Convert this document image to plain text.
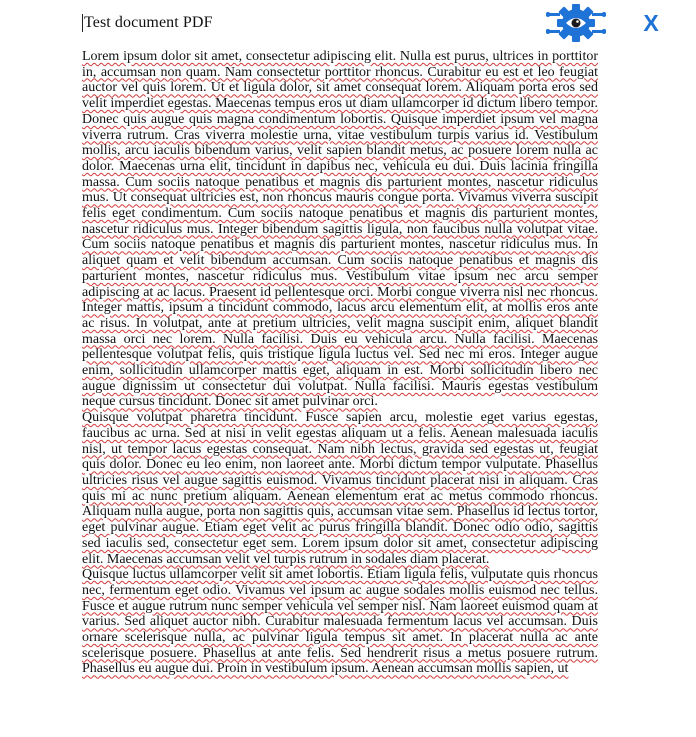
Test document PDF	X

Lorem ipsum dolor sit amet, consectetur adipiscing elit. Nulla est purus, ultrices in porttitor in, accumsan non quam. Nam consectetur porttitor rhoncus. Curabitur eu est et leo feugiat auctor vel quis lorem. Ut et ligula dolor, sit amet consequat lorem. Aliquam porta eros sed velit imperdiet egestas. Maecenas tempus eros ut diam ullamcorper id dictum libero tempor. Donec quis augue quis magna condimentum lobortis. Quisque imperdiet ipsum vel magna viverra rutrum. Cras viverra molestie urna, vitae vestibulum turpis varius id. Vestibulum mollis, arcu iaculis bibendum varius, velit sapien blandit metus, ac posuere lorem nulla ac dolor. Maecenas urna elit, tincidunt in dapibus nec, vehicula eu dui. Duis lacinia fringilla massa. Cum sociis natoque penatibus et magnis dis parturient montes, nascetur ridiculus mus. Ut consequat ultricies est, non rhoncus mauris congue porta. Vivamus viverra suscipit felis eget condimentum. Cum sociis natoque penatibus et magnis dis parturient montes, nascetur ridiculus mus. Integer bibendum sagittis ligula, non faucibus nulla volutpat vitae. Cum sociis natoque penatibus et magnis dis parturient montes, nascetur ridiculus mus. In aliquet quam et velit bibendum accumsan. Cum sociis natoque penatibus et magnis dis parturient montes, nascetur ridiculus mus. Vestibulum vitae ipsum nec arcu semper adipiscing at ac lacus. Praesent id pellentesque orci. Morbi congue viverra nisl nec rhoncus. Integer mattis, ipsum a tincidunt commodo, lacus arcu elementum elit, at mollis eros ante ac risus. In volutpat, ante at pretium ultricies, velit magna suscipit enim, aliquet blandit massa orci nec lorem. Nulla facilisi. Duis eu vehicula arcu. Nulla facilisi. Maecenas pellentesque volutpat felis, quis tristique ligula luctus vel. Sed nec mi eros. Integer augue enim, sollicitudin ullamcorper mattis eget, aliquam in est. Morbi sollicitudin libero nec augue dignissim ut consectetur dui volutpat. Nulla facilisi. Mauris egestas vestibulum neque cursus tincidunt. Donec sit amet pulvinar orci.

Quisque volutpat pharetra tincidunt. Fusce sapien arcu, molestie eget varius egestas, faucibus ac urna. Sed at nisi in velit egestas aliquam ut a felis. Aenean malesuada iaculis nisl, ut tempor lacus egestas consequat. Nam nibh lectus, gravida sed egestas ut, feugiat quis dolor. Donec eu leo enim, non laoreet ante. Morbi dictum tempor vulputate. Phasellus ultricies risus vel augue sagittis euismod. Vivamus tincidunt placerat nisi in aliquam. Cras quis mi ac nunc pretium aliquam. Aenean elementum erat ac metus commodo rhoncus. Aliquam nulla augue, porta non sagittis quis, accumsan vitae sem. Phasellus id lectus tortor, eget pulvinar augue. Etiam eget velit ac purus fringilla blandit. Donec odio odio, sagittis sed iaculis sed, consectetur eget sem. Lorem ipsum dolor sit amet, consectetur adipiscing elit. Maecenas accumsan velit vel turpis rutrum in sodales diam placerat.

Quisque luctus ullamcorper velit sit amet lobortis. Etiam ligula felis, vulputate quis rhoncus nec, fermentum eget odio. Vivamus vel ipsum ac augue sodales mollis euismod nec tellus. Fusce et augue rutrum nunc semper vehicula vel semper nisl. Nam laoreet euismod quam at varius. Sed aliquet auctor nibh. Curabitur malesuada fermentum lacus vel accumsan. Duis ornare scelerisque nulla, ac pulvinar ligula tempus sit amet. In placerat nulla ac ante scelerisque posuere. Phasellus at ante felis. Sed hendrerit risus a metus posuere rutrum. Phasellus eu augue dui. Proin in vestibulum ipsum. Aenean accumsan mollis sapien, ut
